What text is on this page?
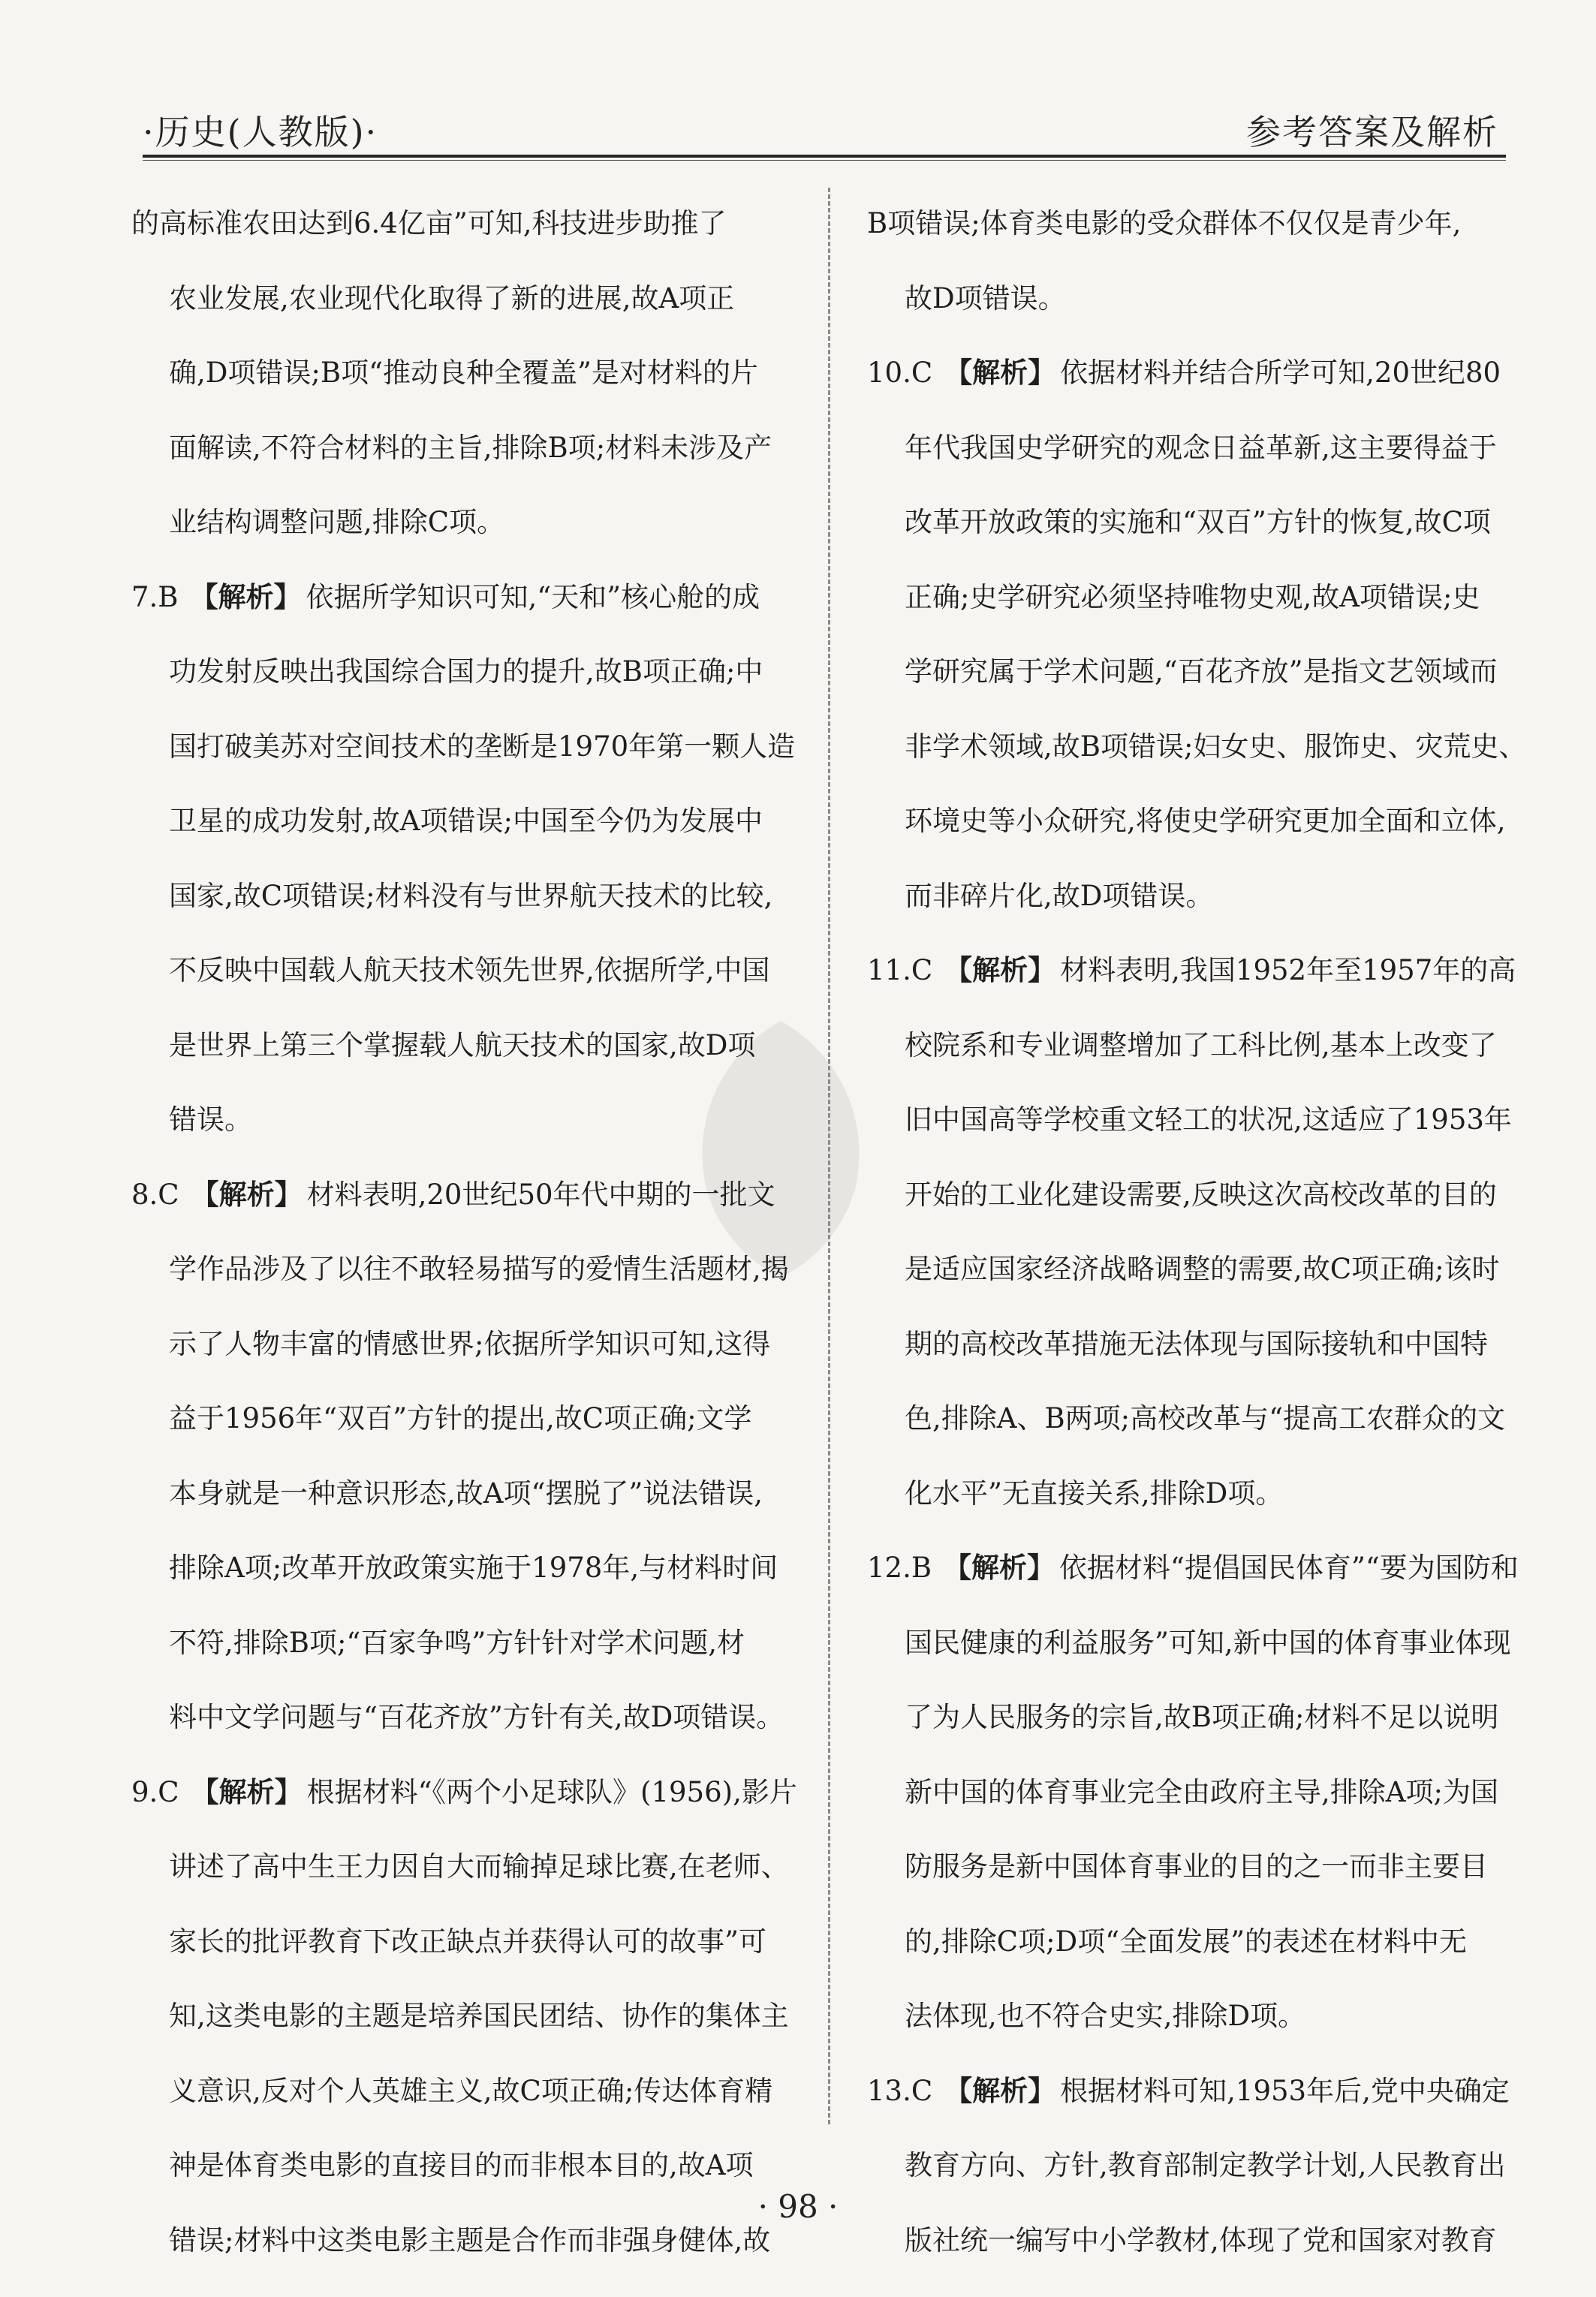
·历史(人教版)·	参考答案及解析
的高标准农田达到6.4亿亩”可知,科技进步助推了
农业发展,农业现代化取得了新的进展,故A项正
确,D项错误;B项“推动良种全覆盖”是对材料的片
面解读,不符合材料的主旨,排除B项;材料未涉及产
业结构调整问题,排除C项。
7.B 【解析】 依据所学知识可知,“天和”核心舱的成
功发射反映出我国综合国力的提升,故B项正确;中
国打破美苏对空间技术的垄断是1970年第一颗人造
卫星的成功发射,故A项错误;中国至今仍为发展中
国家,故C项错误;材料没有与世界航天技术的比较,
不反映中国载人航天技术领先世界,依据所学,中国
是世界上第三个掌握载人航天技术的国家,故D项
错误。
8.C 【解析】 材料表明,20世纪50年代中期的一批文
学作品涉及了以往不敢轻易描写的爱情生活题材,揭
示了人物丰富的情感世界;依据所学知识可知,这得
益于1956年“双百”方针的提出,故C项正确;文学
本身就是一种意识形态,故A项“摆脱了”说法错误,
排除A项;改革开放政策实施于1978年,与材料时间
不符,排除B项;“百家争鸣”方针针对学术问题,材
料中文学问题与“百花齐放”方针有关,故D项错误。
9.C 【解析】 根据材料“《两个小足球队》(1956),影片
讲述了高中生王力因自大而输掉足球比赛,在老师、
家长的批评教育下改正缺点并获得认可的故事”可
知,这类电影的主题是培养国民团结、协作的集体主
义意识,反对个人英雄主义,故C项正确;传达体育精
神是体育类电影的直接目的而非根本目的,故A项
错误;材料中这类电影主题是合作而非强身健体,故
B项错误;体育类电影的受众群体不仅仅是青少年,
故D项错误。
10.C 【解析】 依据材料并结合所学可知,20世纪80
年代我国史学研究的观念日益革新,这主要得益于
改革开放政策的实施和“双百”方针的恢复,故C项
正确;史学研究必须坚持唯物史观,故A项错误;史
学研究属于学术问题,“百花齐放”是指文艺领域而
非学术领域,故B项错误;妇女史、服饰史、灾荒史、
环境史等小众研究,将使史学研究更加全面和立体,
而非碎片化,故D项错误。
11.C 【解析】 材料表明,我国1952年至1957年的高
校院系和专业调整增加了工科比例,基本上改变了
旧中国高等学校重文轻工的状况,这适应了1953年
开始的工业化建设需要,反映这次高校改革的目的
是适应国家经济战略调整的需要,故C项正确;该时
期的高校改革措施无法体现与国际接轨和中国特
色,排除A、B两项;高校改革与“提高工农群众的文
化水平”无直接关系,排除D项。
12.B 【解析】 依据材料“提倡国民体育”“要为国防和
国民健康的利益服务”可知,新中国的体育事业体现
了为人民服务的宗旨,故B项正确;材料不足以说明
新中国的体育事业完全由政府主导,排除A项;为国
防服务是新中国体育事业的目的之一而非主要目
的,排除C项;D项“全面发展”的表述在材料中无
法体现,也不符合史实,排除D项。
13.C 【解析】 根据材料可知,1953年后,党中央确定
教育方向、方针,教育部制定教学计划,人民教育出
版社统一编写中小学教材,体现了党和国家对教育
· 98 ·
